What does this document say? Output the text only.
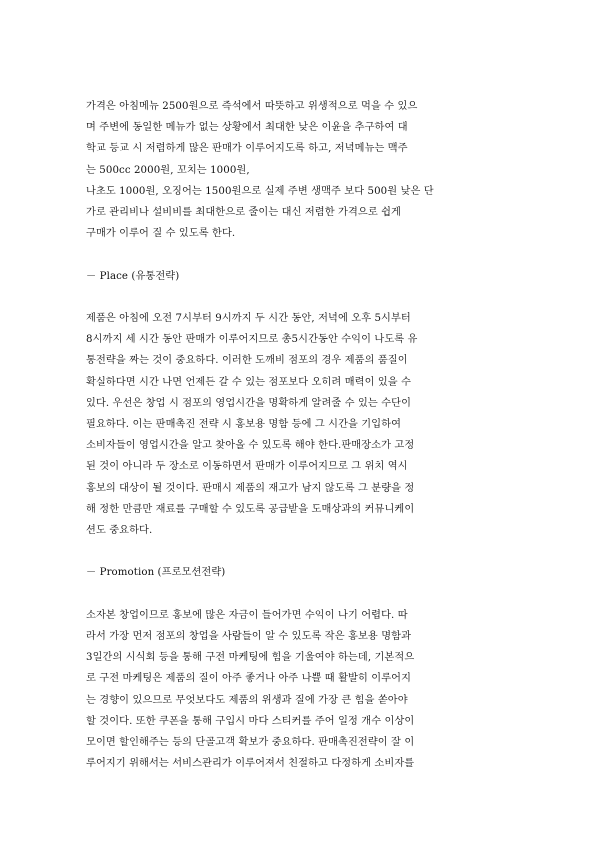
가격은 아침메뉴 2500원으로 즉석에서 따뜻하고 위생적으로 먹을 수 있으
며 주변에 동일한 메뉴가 없는 상황에서 최대한 낮은 이윤을 추구하여 대
학교 등교 시 저렴하게 많은 판매가 이루어지도록 하고, 저녁메뉴는 맥주
는 500cc 2000원, 꼬치는 1000원,
나초도 1000원, 오징어는 1500원으로 실제 주변 생맥주 보다 500원 낮은 단
가로 관리비나 설비비를 최대한으로 줄이는 대신 저렴한 가격으로 쉽게
구매가 이루어 질 수 있도록 한다.
－ Place (유통전략)
제품은 아침에 오전 7시부터 9시까지 두 시간 동안, 저녁에 오후 5시부터
8시까지 세 시간 동안 판매가 이루어지므로 총5시간동안 수익이 나도록 유
통전략을 짜는 것이 중요하다. 이러한 도깨비 점포의 경우 제품의 품질이
확실하다면 시간 나면 언제든 갈 수 있는 점포보다 오히려 매력이 있을 수
있다. 우선은 창업 시 점포의 영업시간을 명확하게 알려줄 수 있는 수단이
필요하다. 이는 판매촉진 전략 시 홍보용 명함 등에 그 시간을 기입하여
소비자들이 영업시간을 알고 찾아올 수 있도록 해야 한다.판매장소가 고정
된 것이 아니라 두 장소로 이동하면서 판매가 이루어지므로 그 위치 역시
홍보의 대상이 될 것이다. 판매시 제품의 재고가 남지 않도록 그 분량을 정
해 정한 만큼만 재료를 구매할 수 있도록 공급받을 도매상과의 커뮤니케이
션도 중요하다.
－ Promotion (프로모션전략)
소자본 창업이므로 홍보에 많은 자금이 들어가면 수익이 나기 어렵다. 따
라서 가장 먼저 점포의 창업을 사람들이 알 수 있도록 작은 홍보용 명함과
3일간의 시식회 등을 통해 구전 마케팅에 힘을 기울여야 하는데, 기본적으
로 구전 마케팅은 제품의 질이 아주 좋거나 아주 나쁠 때 활발히 이루어지
는 경향이 있으므로 무엇보다도 제품의 위생과 질에 가장 큰 힘을 쏟아야
할 것이다. 또한 쿠폰을 통해 구입시 마다 스티커를 주어 일정 개수 이상이
모이면 할인해주는 등의 단골고객 확보가 중요하다. 판매촉진전략이 잘 이
루어지기 위해서는 서비스관리가 이루어져서 친절하고 다정하게 소비자를
